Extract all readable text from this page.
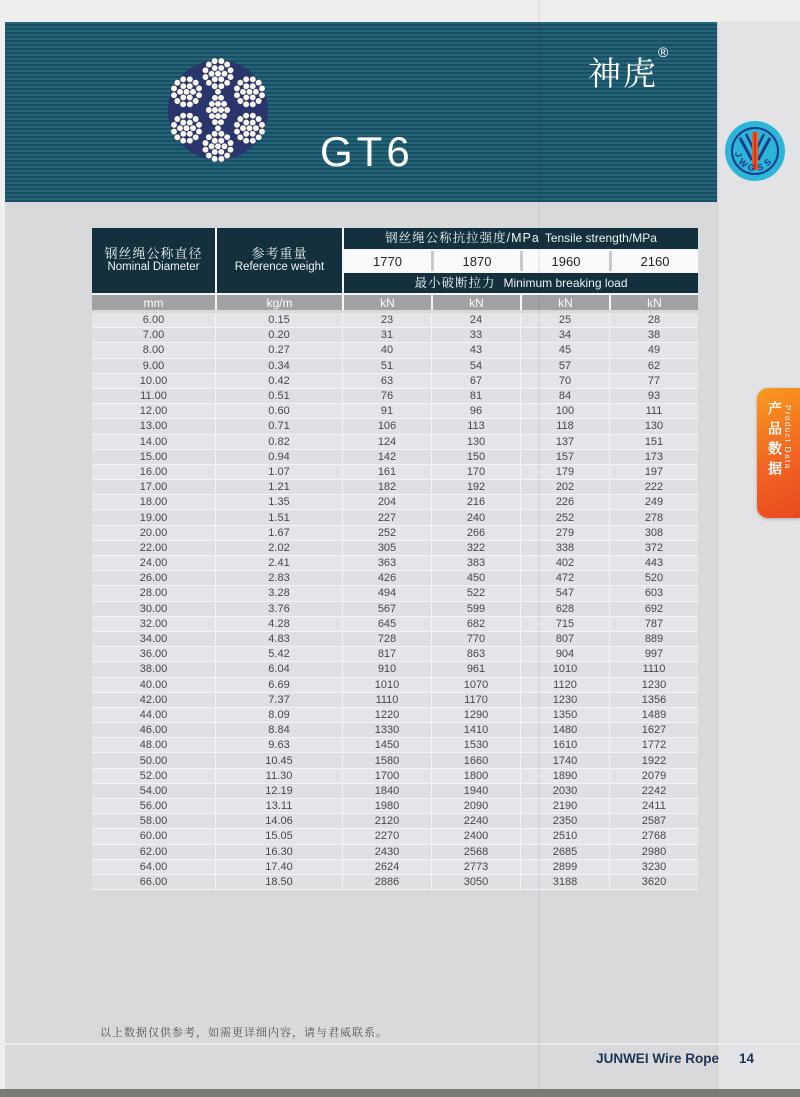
GT6
神虎®
J
W
G S
S
产品数据 Product Data
钢丝绳公称直径
Nominal Diameter
参考重量
Reference weight
钢丝绳公称抗拉强度/MPa Tensile strength/MPa
1770	1870	1960	2160
最小破断拉力 Minimum breaking load
mm	kg/m	kN	kN	kN	kN
6.00	0.15	23	24	25	28
7.00	0.20	31	33	34	38
8.00	0.27	40	43	45	49
9.00	0.34	51	54	57	62
10.00	0.42	63	67	70	77
11.00	0.51	76	81	84	93
12.00	0.60	91	96	100	111
13.00	0.71	106	113	118	130
14.00	0.82	124	130	137	151
15.00	0.94	142	150	157	173
16.00	1.07	161	170	179	197
17.00	1.21	182	192	202	222
18.00	1.35	204	216	226	249
19.00	1.51	227	240	252	278
20.00	1.67	252	266	279	308
22.00	2.02	305	322	338	372
24.00	2.41	363	383	402	443
26.00	2.83	426	450	472	520
28.00	3.28	494	522	547	603
30.00	3.76	567	599	628	692
32.00	4.28	645	682	715	787
34.00	4.83	728	770	807	889
36.00	5.42	817	863	904	997
38.00	6.04	910	961	1010	1110
40.00	6.69	1010	1070	1120	1230
42.00	7.37	1110	1170	1230	1356
44.00	8.09	1220	1290	1350	1489
46.00	8.84	1330	1410	1480	1627
48.00	9.63	1450	1530	1610	1772
50.00	10.45	1580	1660	1740	1922
52.00	11.30	1700	1800	1890	2079
54.00	12.19	1840	1940	2030	2242
56.00	13.11	1980	2090	2190	2411
58.00	14.06	2120	2240	2350	2587
60.00	15.05	2270	2400	2510	2768
62.00	16.30	2430	2568	2685	2980
64.00	17.40	2624	2773	2899	3230
66.00	18.50	2886	3050	3188	3620
以上数据仅供参考，如需更详细内容，请与君威联系。
JUNWEI Wire Rope 14
